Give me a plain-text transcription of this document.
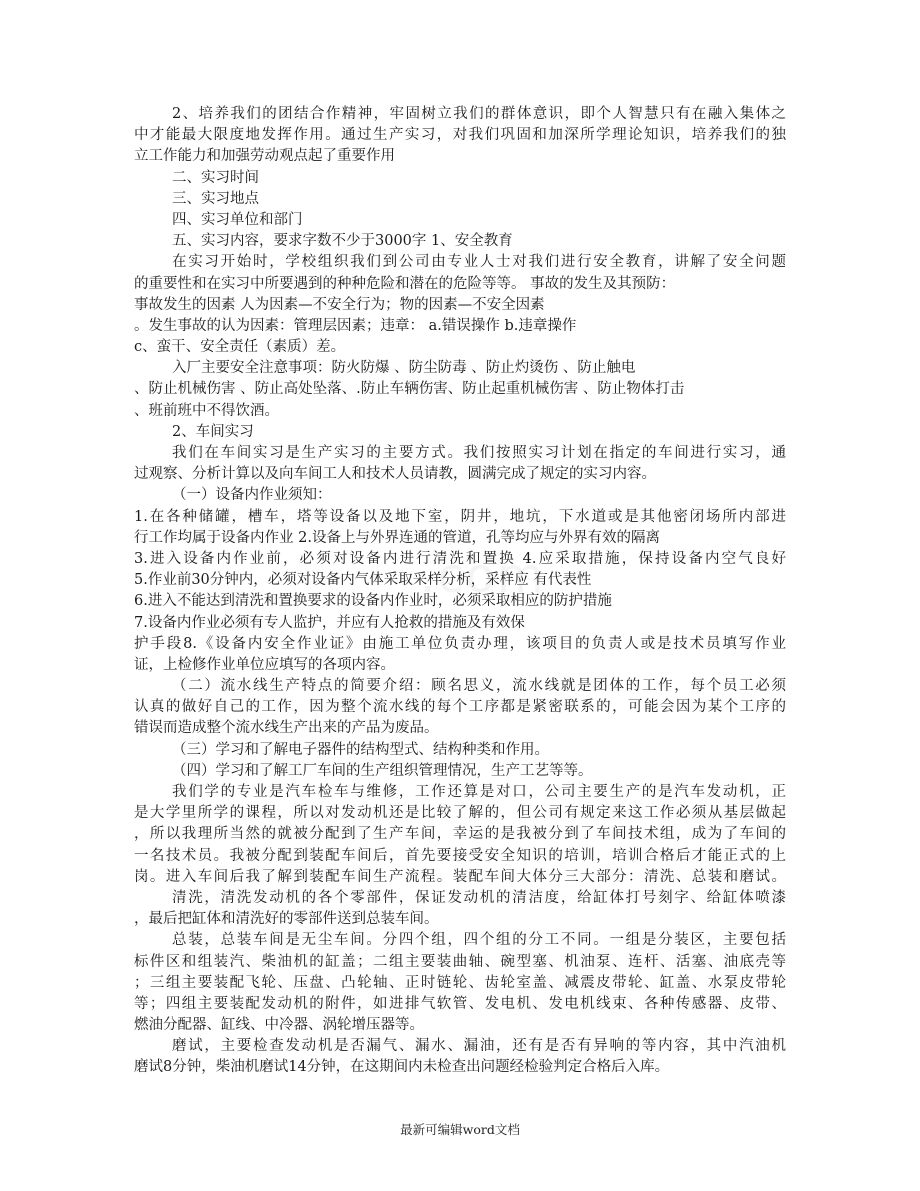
2、培养我们的团结合作精神，牢固树立我们的群体意识，即个人智慧只有在融入集体之
中才能最大限度地发挥作用。通过生产实习，对我们巩固和加深所学理论知识，培养我们的独
立工作能力和加强劳动观点起了重要作用
二、实习时间
三、实习地点
四、实习单位和部门
五、实习内容，要求字数不少于3000字 1、安全教育
在实习开始时，学校组织我们到公司由专业人士对我们进行安全教育，讲解了安全问题
的重要性和在实习中所要遇到的种种危险和潜在的危险等等。 事故的发生及其预防：
事故发生的因素 人为因素—不安全行为；物的因素—不安全因素
。发生事故的认为因素：管理层因素；违章： a.错误操作 b.违章操作
c、蛮干、安全责任（素质）差。
入厂主要安全注意事项：防火防爆 、防尘防毒 、防止灼烫伤 、防止触电
、防止机械伤害 、防止高处坠落、.防止车辆伤害、防止起重机械伤害 、防止物体打击
、班前班中不得饮酒。
2、车间实习
我们在车间实习是生产实习的主要方式。我们按照实习计划在指定的车间进行实习，通
过观察、分析计算以及向车间工人和技术人员请教，圆满完成了规定的实习内容。
（一）设备内作业须知：
1.在各种储罐，槽车，塔等设备以及地下室，阴井，地坑，下水道或是其他密闭场所内部进
行工作均属于设备内作业 2.设备上与外界连通的管道，孔等均应与外界有效的隔离
3.进入设备内作业前，必须对设备内进行清洗和置换 4.应采取措施，保持设备内空气良好
5.作业前30分钟内，必须对设备内气体采取采样分析，采样应 有代表性
6.进入不能达到清洗和置换要求的设备内作业时，必须采取相应的防护措施
7.设备内作业必须有专人监护，并应有人抢救的措施及有效保
护手段8.《设备内安全作业证》由施工单位负责办理，该项目的负责人或是技术员填写作业
证，上检修作业单位应填写的各项内容。
（二）流水线生产特点的简要介绍：顾名思义，流水线就是团体的工作，每个员工必须
认真的做好自己的工作，因为整个流水线的每个工序都是紧密联系的，可能会因为某个工序的
错误而造成整个流水线生产出来的产品为废品。
（三）学习和了解电子器件的结构型式、结构种类和作用。
（四）学习和了解工厂车间的生产组织管理情况，生产工艺等等。
我们学的专业是汽车检车与维修，工作还算是对口，公司主要生产的是汽车发动机，正
是大学里所学的课程，所以对发动机还是比较了解的，但公司有规定来这工作必须从基层做起
，所以我理所当然的就被分配到了生产车间，幸运的是我被分到了车间技术组，成为了车间的
一名技术员。我被分配到装配车间后，首先要接受安全知识的培训，培训合格后才能正式的上
岗。进入车间后我了解到装配车间生产流程。装配车间大体分三大部分：清洗、总装和磨试。
清洗，清洗发动机的各个零部件，保证发动机的清洁度，给缸体打号刻字、给缸体喷漆
，最后把缸体和清洗好的零部件送到总装车间。
总装，总装车间是无尘车间。分四个组，四个组的分工不同。一组是分装区，主要包括
标件区和组装汽、柴油机的缸盖；二组主要装曲轴、碗型塞、机油泵、连杆、活塞、油底壳等
；三组主要装配飞轮、压盘、凸轮轴、正时链轮、齿轮室盖、减震皮带轮、缸盖、水泵皮带轮
等；四组主要装配发动机的附件，如进排气软管、发电机、发电机线束、各种传感器、皮带、
燃油分配器、缸线、中冷器、涡轮增压器等。
磨试，主要检查发动机是否漏气、漏水、漏油，还有是否有异响的等内容，其中汽油机
磨试8分钟，柴油机磨试14分钟，在这期间内未检查出问题经检验判定合格后入库。
最新可编辑word文档
